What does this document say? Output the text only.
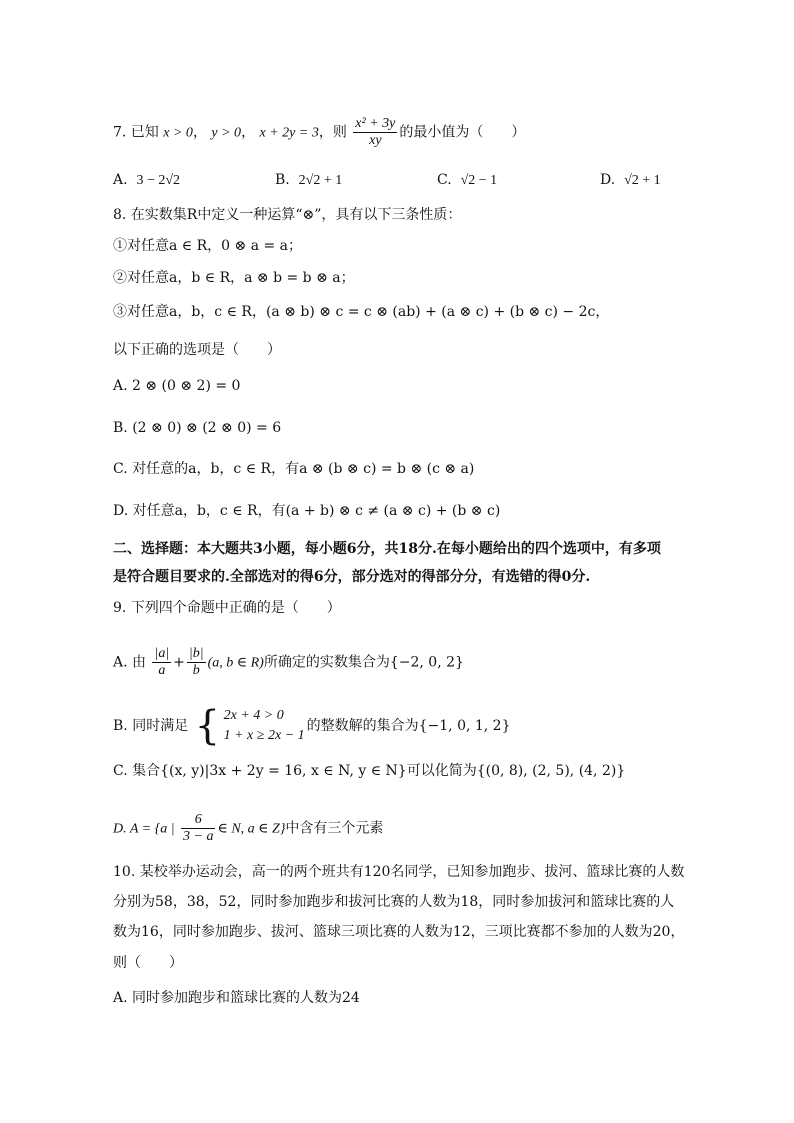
7. 已知 x > 0， y > 0， x + 2y = 3，则 $\frac{\text{x² + 3y}}{xy}$ 的最小值为（　　）
A. 3 − 2√2	B. 2√2 + 1	C. √2 − 1	D. √2 + 1
8. 在实数集R中定义一种运算“⊗”，具有以下三条性质：
①对任意a ∈ R，0 ⊗ a = a；
②对任意a，b ∈ R，a ⊗ b = b ⊗ a；
③对任意a，b，c ∈ R，(a ⊗ b) ⊗ c = c ⊗ (ab) + (a ⊗ c) + (b ⊗ c) − 2c，
以下正确的选项是（　　）
A. 2 ⊗ (0 ⊗ 2) = 0
B. (2 ⊗ 0) ⊗ (2 ⊗ 0) = 6
C. 对任意的a，b，c ∈ R，有a ⊗ (b ⊗ c) = b ⊗ (c ⊗ a)
D. 对任意a，b，c ∈ R，有(a + b) ⊗ c ≠ (a ⊗ c) + (b ⊗ c)
二、选择题：本大题共3小题，每小题6分，共18分.在每小题给出的四个选项中，有多项
是符合题目要求的.全部选对的得6分，部分选对的得部分分，有选错的得0分.
9. 下列四个命题中正确的是（　　）
A. 由 $\frac{|a|}{a} + \frac{|b|}{b} (a$, b ∈ R)所确定的实数集合为{−2, 0, 2}
B. 同时满足 { 2x + 4 > 0
1 + x ≥ 2x − 1
的整数解的集合为{−1, 0, 1, 2}
C. 集合{(x, y)|3x + 2y = 16, x ∈ N, y ∈ N}可以化简为{(0, 8), (2, 5), (4, 2)}
D. A = {a | $\frac{6}{3 - a}$ ∈ N, a ∈ Z}中含有三个元素
10. 某校举办运动会，高一的两个班共有120名同学，已知参加跑步、拔河、篮球比赛的人数
分别为58，38，52，同时参加跑步和拔河比赛的人数为18，同时参加拔河和篮球比赛的人
数为16，同时参加跑步、拔河、篮球三项比赛的人数为12，三项比赛都不参加的人数为20，
则（　　）
A. 同时参加跑步和篮球比赛的人数为24
